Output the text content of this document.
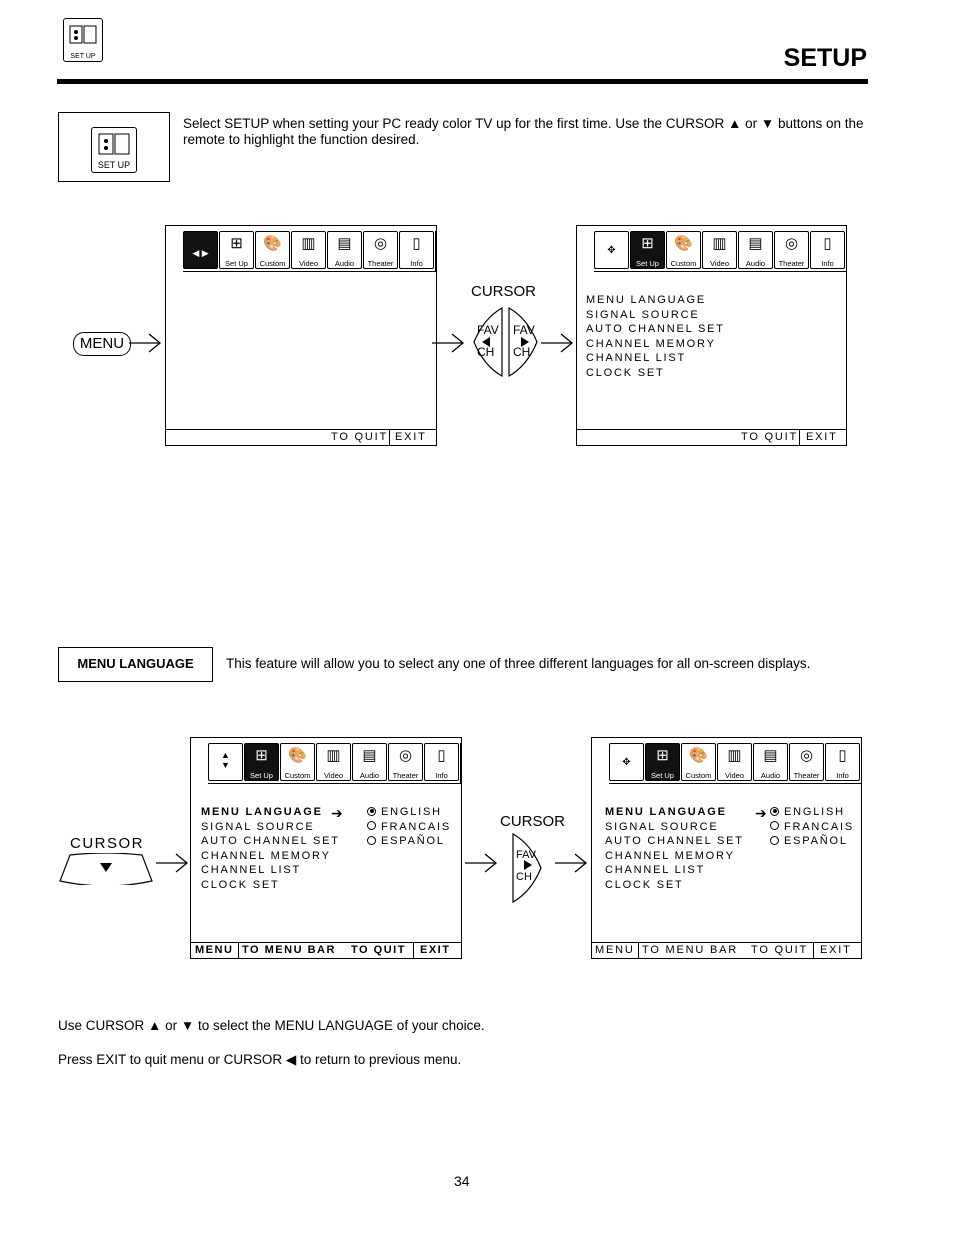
SET UP	SETUP
SET UP
Select SETUP when setting your PC ready color TV up for the first time. Use the CURSOR ▲ or ▼ buttons on the remote to highlight the function desired.
MENU
◀ ▶
⊞
Set Up
🎨
Custom
▥
Video
▤
Audio
◎
Theater
▯
Info
TO QUIT EXIT
CURSOR
FAV
CH
FAV
CH
✥ ⊞
Set Up
🎨
Custom
▥
Video
▤
Audio
◎
Theater
▯
Info
MENU LANGUAGE
SIGNAL SOURCE
AUTO CHANNEL SET
CHANNEL MEMORY
CHANNEL LIST
CLOCK SET
TO QUIT EXIT
MENU LANGUAGE	This feature will allow you to select any one of three different languages for all on-screen displays.
CURSOR
▲
▼
⊞
Set Up
🎨
Custom
▥
Video
▤
Audio
◎
Theater
▯
Info
MENU LANGUAGE
SIGNAL SOURCE
AUTO CHANNEL SET
CHANNEL MEMORY
CHANNEL LIST
CLOCK SET
➔	ENGLISH
FRANCAIS
ESPAÑOL
MENU TO MENU BAR TO QUIT EXIT
CURSOR
FAV
CH
✥ ⊞
Set Up
🎨
Custom
▥
Video
▤
Audio
◎
Theater
▯
Info
MENU LANGUAGE
SIGNAL SOURCE
AUTO CHANNEL SET
CHANNEL MEMORY
CHANNEL LIST
CLOCK SET
➔	ENGLISH
FRANCAIS
ESPAÑOL
MENU TO MENU BAR TO QUIT EXIT
Use CURSOR ▲ or ▼ to select the MENU LANGUAGE of your choice.
Press EXIT to quit menu or CURSOR ◀ to return to previous menu.
34
